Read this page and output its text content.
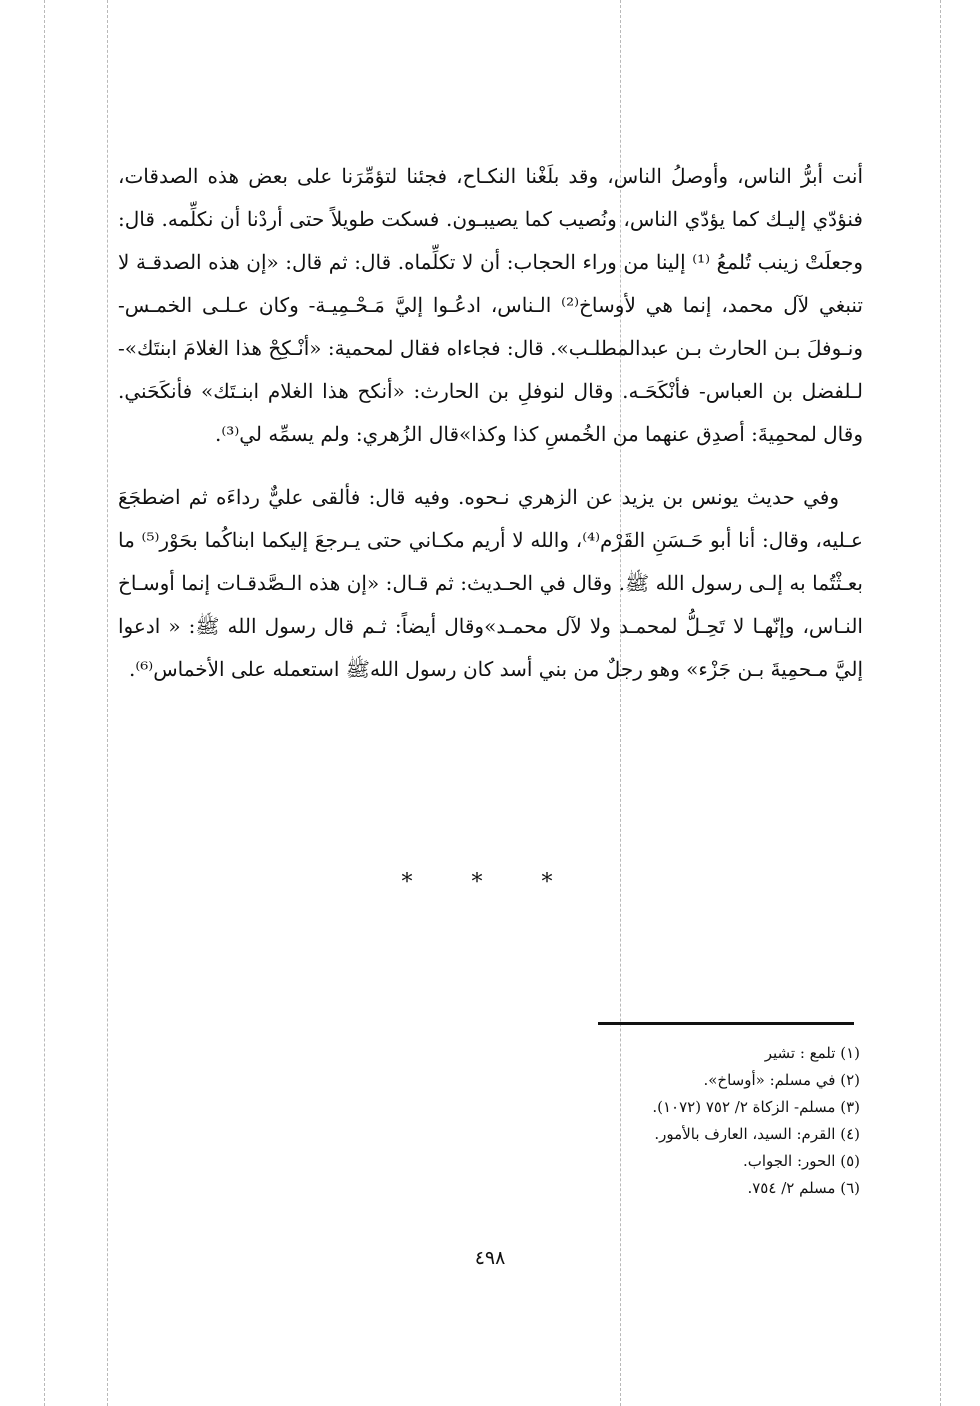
أنت أبرُّ الناس، وأوصلُ الناس، وقد بلَغْنا النكـاح، فجئنا لتؤمِّرَنا على بعض هذه الصدقات، فنؤدّي إليـك كما يؤدّي الناس، ونُصيب كما يصيبـون. فسكت طويلاً حتى أردْنا أن نكلِّمه. قال: وجعلَتْ زينب تُلمعُ ⁽¹⁾ إلينا من وراء الحجاب: أن لا تكلِّماه. قال: ثم قال: «إن هذه الصدقـة لا تنبغي لآل محمد، إنما هي لأوساخ⁽²⁾ الـناس، ادعُـوا إليَّ مَـحْـمِيـة- وكان عـلـى الخمـس- ونـوفلَ بـن الحارث بـن عبدالمطلـب». قال: فجاءاه فقال لمحمية: «أنْـكِحْ هذا الغلامَ ابنتَك»- لـلفضل بن العباس- فأنْكَحَـه. وقال لنوفلِ بن الحارث: «أنكح هذا الغلام ابنـتَك» فأنكَحَني. وقال لمحمِيةَ: أصدِق عنهما من الخُمسِ كذا وكذا»قال الزُهري: ولم يسمِّه لي⁽³⁾.

وفي حديث يونس بن يزيد عن الزهري نـحوه. وفيه قال: فألقى عليٌّ رداءَه ثم اضطجَعَ عـليه، وقال: أنا أبو حَـسَنِ القَرْم⁽⁴⁾، والله لا أريم مكـاني حتى يـرجعَ إليكما ابناكُما بحَوْر⁽⁵⁾ ما بعـثْتُما به إلـى رسول الله ﷺ. وقال في الحـديث: ثم قـال: «إن هذه الـصَّدقـات إنما أوسـاخ النـاس، وإنّهـا لا تَحِـلُّ لمحمـد ولا لآل محمـد»وقال أيضاً: ثـم قال رسول الله ﷺ: « ادعوا إليَّ مـحمِيةَ بـن جَزْء» وهو رجلٌ من بني أسد كان رسول اللهﷺ استعمله على الأخماس⁽⁶⁾.

* * *
(١) تلمع : تشير
(٢) في مسلم: «أوساخ».
(٣) مسلم- الزكاة ٢/ ٧٥٢ (١٠٧٢).
(٤) القرم: السيد، العارف بالأمور.
(٥) الحور: الجواب.
(٦) مسلم ٢/ ٧٥٤.
٤٩٨
